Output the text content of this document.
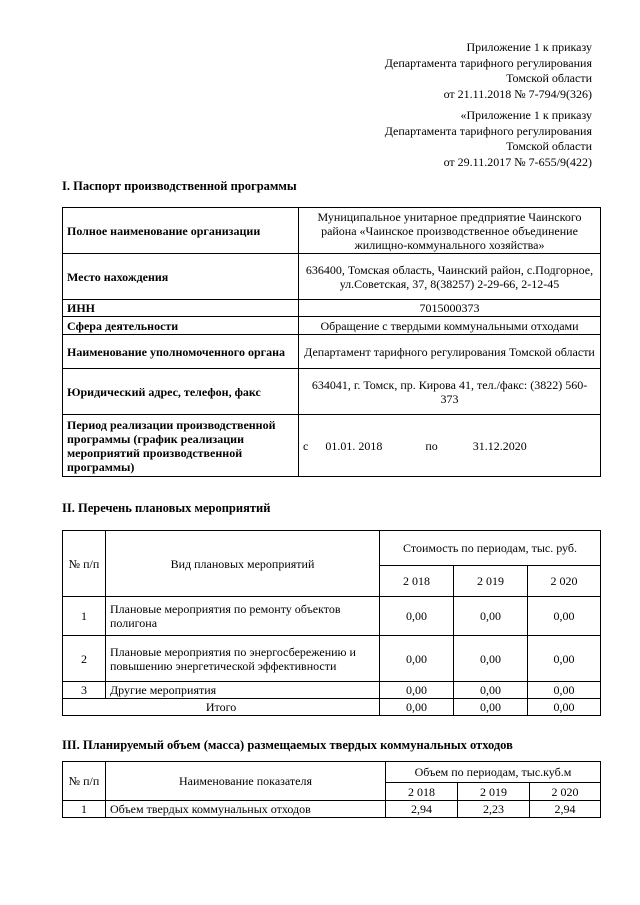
Приложение 1 к приказу
Департамента тарифного регулирования
Томской области
от 21.11.2018 № 7-794/9(326)
«Приложение 1 к приказу
Департамента тарифного регулирования
Томской области
от 29.11.2017 № 7-655/9(422)
I. Паспорт производственной программы
Полное наименование организации	Муниципальное унитарное предприятие Чаинского района «Чаинское производственное объединение жилищно-коммунального хозяйства»
Место нахождения	636400, Томская область, Чаинский район, с.Подгорное, ул.Советская, 37, 8(38257) 2-29-66, 2-12-45
ИНН	7015000373
Сфера деятельности	Обращение с твердыми коммунальными отходами
Наименование уполномоченного органа	Департамент тарифного регулирования Томской области
Юридический адрес, телефон, факс	634041, г. Томск, пр. Кирова 41, тел./факс: (3822) 560-373
Период реализации производственной программы (график реализации мероприятий производственной программы)	с 01.01. 2018 по 31.12.2020
II. Перечень плановых мероприятий
№ п/п	Вид плановых мероприятий	Стоимость по периодам, тыс. руб.		
		2 018	2 019	2 020
1	Плановые мероприятия по ремонту объектов полигона	0,00	0,00	0,00
2	Плановые мероприятия по энергосбережению и повышению энергетической эффективности	0,00	0,00	0,00
3	Другие мероприятия	0,00	0,00	0,00
Итого		0,00	0,00	0,00
III. Планируемый объем (масса) размещаемых твердых коммунальных отходов
№ п/п	Наименование показателя	Объем по периодам, тыс.куб.м		
		2 018	2 019	2 020
1	Объем твердых коммунальных отходов	2,94	2,23	2,94
